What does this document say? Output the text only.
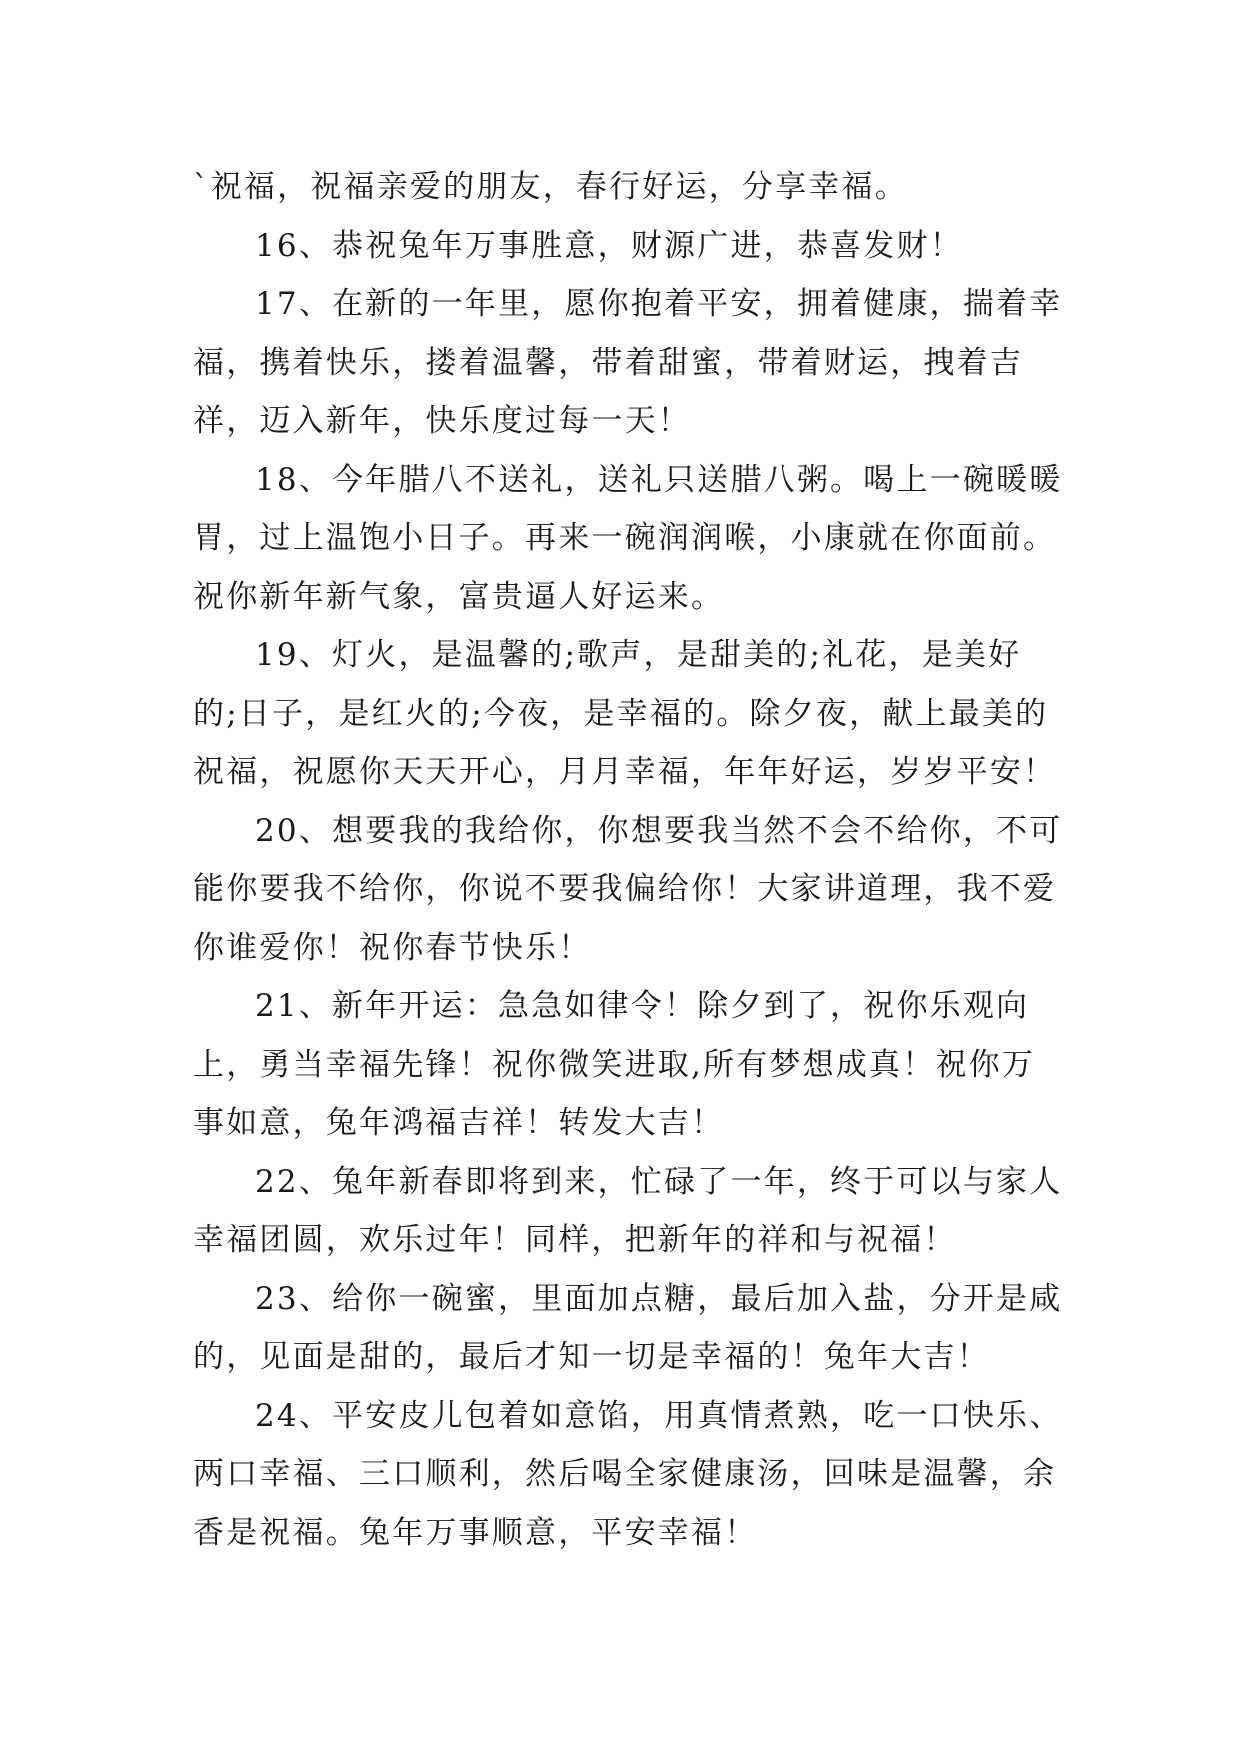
`祝福，祝福亲爱的朋友，春行好运，分享幸福。

16、恭祝兔年万事胜意，财源广进，恭喜发财！

17、在新的一年里，愿你抱着平安，拥着健康，揣着幸福，携着快乐，搂着温馨，带着甜蜜，带着财运，拽着吉祥，迈入新年，快乐度过每一天！

18、今年腊八不送礼，送礼只送腊八粥。喝上一碗暖暖胃，过上温饱小日子。再来一碗润润喉，小康就在你面前。祝你新年新气象，富贵逼人好运来。

19、灯火，是温馨的;歌声，是甜美的;礼花，是美好的;日子，是红火的;今夜，是幸福的。除夕夜，献上最美的祝福，祝愿你天天开心，月月幸福，年年好运，岁岁平安！

20、想要我的我给你，你想要我当然不会不给你，不可能你要我不给你，你说不要我偏给你！大家讲道理，我不爱你谁爱你！祝你春节快乐！

21、新年开运：急急如律令！除夕到了，祝你乐观向上，勇当幸福先锋！祝你微笑进取,所有梦想成真！祝你万事如意，兔年鸿福吉祥！转发大吉！

22、兔年新春即将到来，忙碌了一年，终于可以与家人幸福团圆，欢乐过年！同样，把新年的祥和与祝福！

23、给你一碗蜜，里面加点糖，最后加入盐，分开是咸的，见面是甜的，最后才知一切是幸福的！兔年大吉！

24、平安皮儿包着如意馅，用真情煮熟，吃一口快乐、两口幸福、三口顺利，然后喝全家健康汤，回味是温馨，余香是祝福。兔年万事顺意，平安幸福！
